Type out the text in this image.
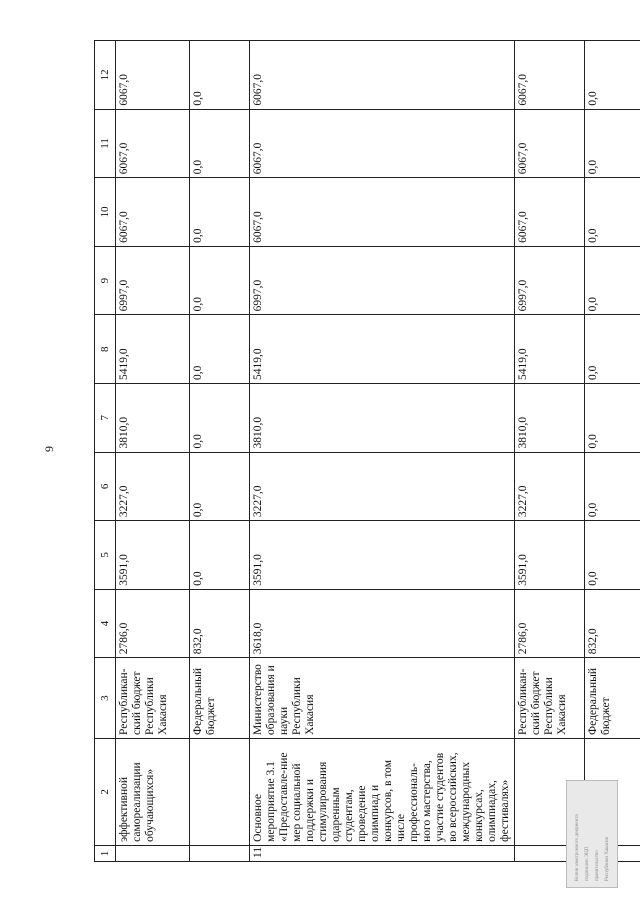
9
1	2	3	4	5	6	7	8	9	10	11	12
	эффективной самореализации обучающихся»	Республикан-ский бюджет Республики Хакасия	2786,0	3591,0	3227,0	3810,0	5419,0	6997,0	6067,0	6067,0	6067,0
		Федеральный бюджет	832,0	0,0	0,0	0,0	0,0	0,0	0,0	0,0	0,0
11	Основное мероприятие 3.1 «Предоставле-ние мер социальной поддержки и стимулирования одаренным студентам, проведение олимпиад и конкурсов, в том числе профессиональ-ного мастерства, участие студентов во всероссийских, международных конкурсах, олимпиадах, фестивалях»	Министерство образования и науки Республики Хакасия	3618,0	3591,0	3227,0	3810,0	5419,0	6997,0	6067,0	6067,0	6067,0
		Республикан-ский бюджет Республики Хакасия	2786,0	3591,0	3227,0	3810,0	5419,0	6997,0	6067,0	6067,0	6067,0
		Федеральный бюджет	832,0	0,0	0,0	0,0	0,0	0,0	0,0	0,0	0,0
Копия электронного документа подписано ЭЦП правительство Республики Хакасия
